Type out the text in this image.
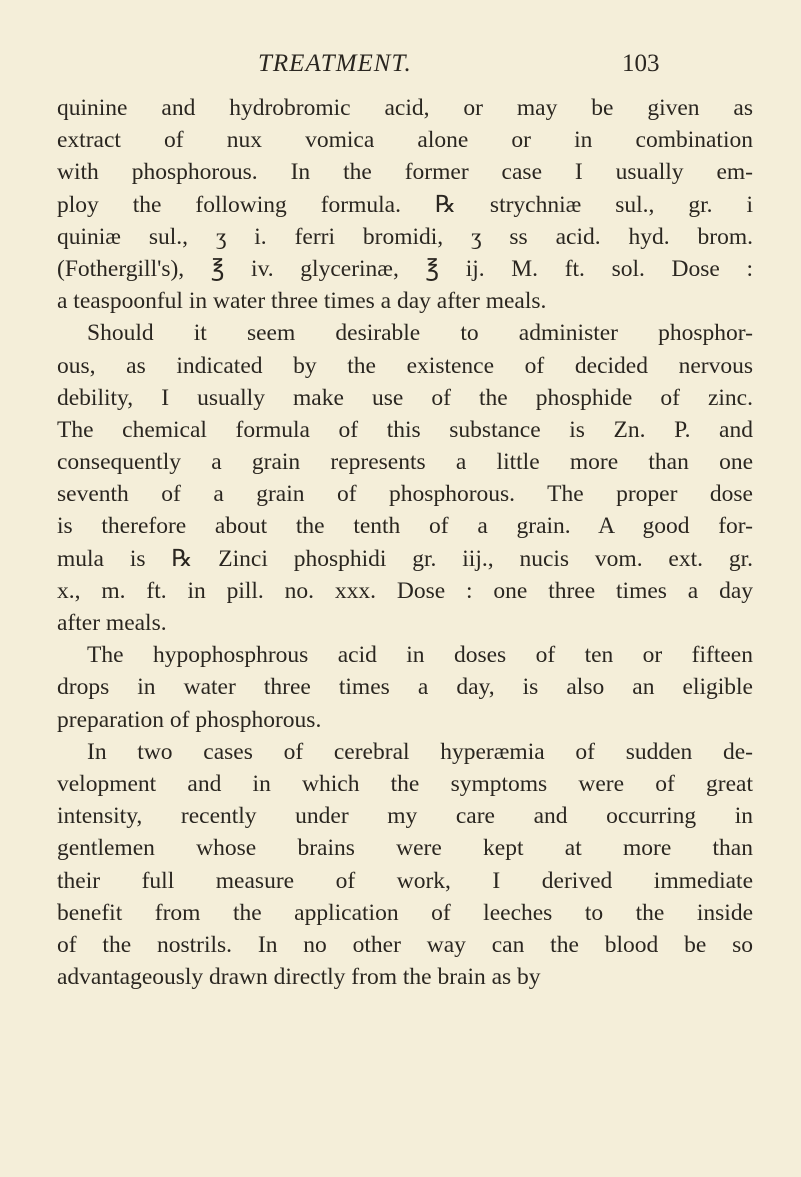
TREATMENT.	103
quinine and hydrobromic acid, or may be given as
extract of nux vomica alone or in combination
with phosphorous. In the former case I usually em-
ploy the following formula. ℞ strychniæ sul., gr. i
quiniæ sul., ʒ i. ferri bromidi, ʒ ss acid. hyd. brom.
(Fothergill's), ℥ iv. glycerinæ, ℥ ij. M. ft. sol. Dose :
a teaspoonful in water three times a day after meals.
Should it seem desirable to administer phosphor-
ous, as indicated by the existence of decided nervous
debility, I usually make use of the phosphide of zinc.
The chemical formula of this substance is Zn. P. and
consequently a grain represents a little more than one
seventh of a grain of phosphorous. The proper dose
is therefore about the tenth of a grain. A good for-
mula is ℞ Zinci phosphidi gr. iij., nucis vom. ext. gr.
x., m. ft. in pill. no. xxx. Dose : one three times a day
after meals.
The hypophosphrous acid in doses of ten or fifteen
drops in water three times a day, is also an eligible
preparation of phosphorous.
In two cases of cerebral hyperæmia of sudden de-
velopment and in which the symptoms were of great
intensity, recently under my care and occurring in
gentlemen whose brains were kept at more than
their full measure of work, I derived immediate
benefit from the application of leeches to the inside
of the nostrils. In no other way can the blood be so
advantageously drawn directly from the brain as by
